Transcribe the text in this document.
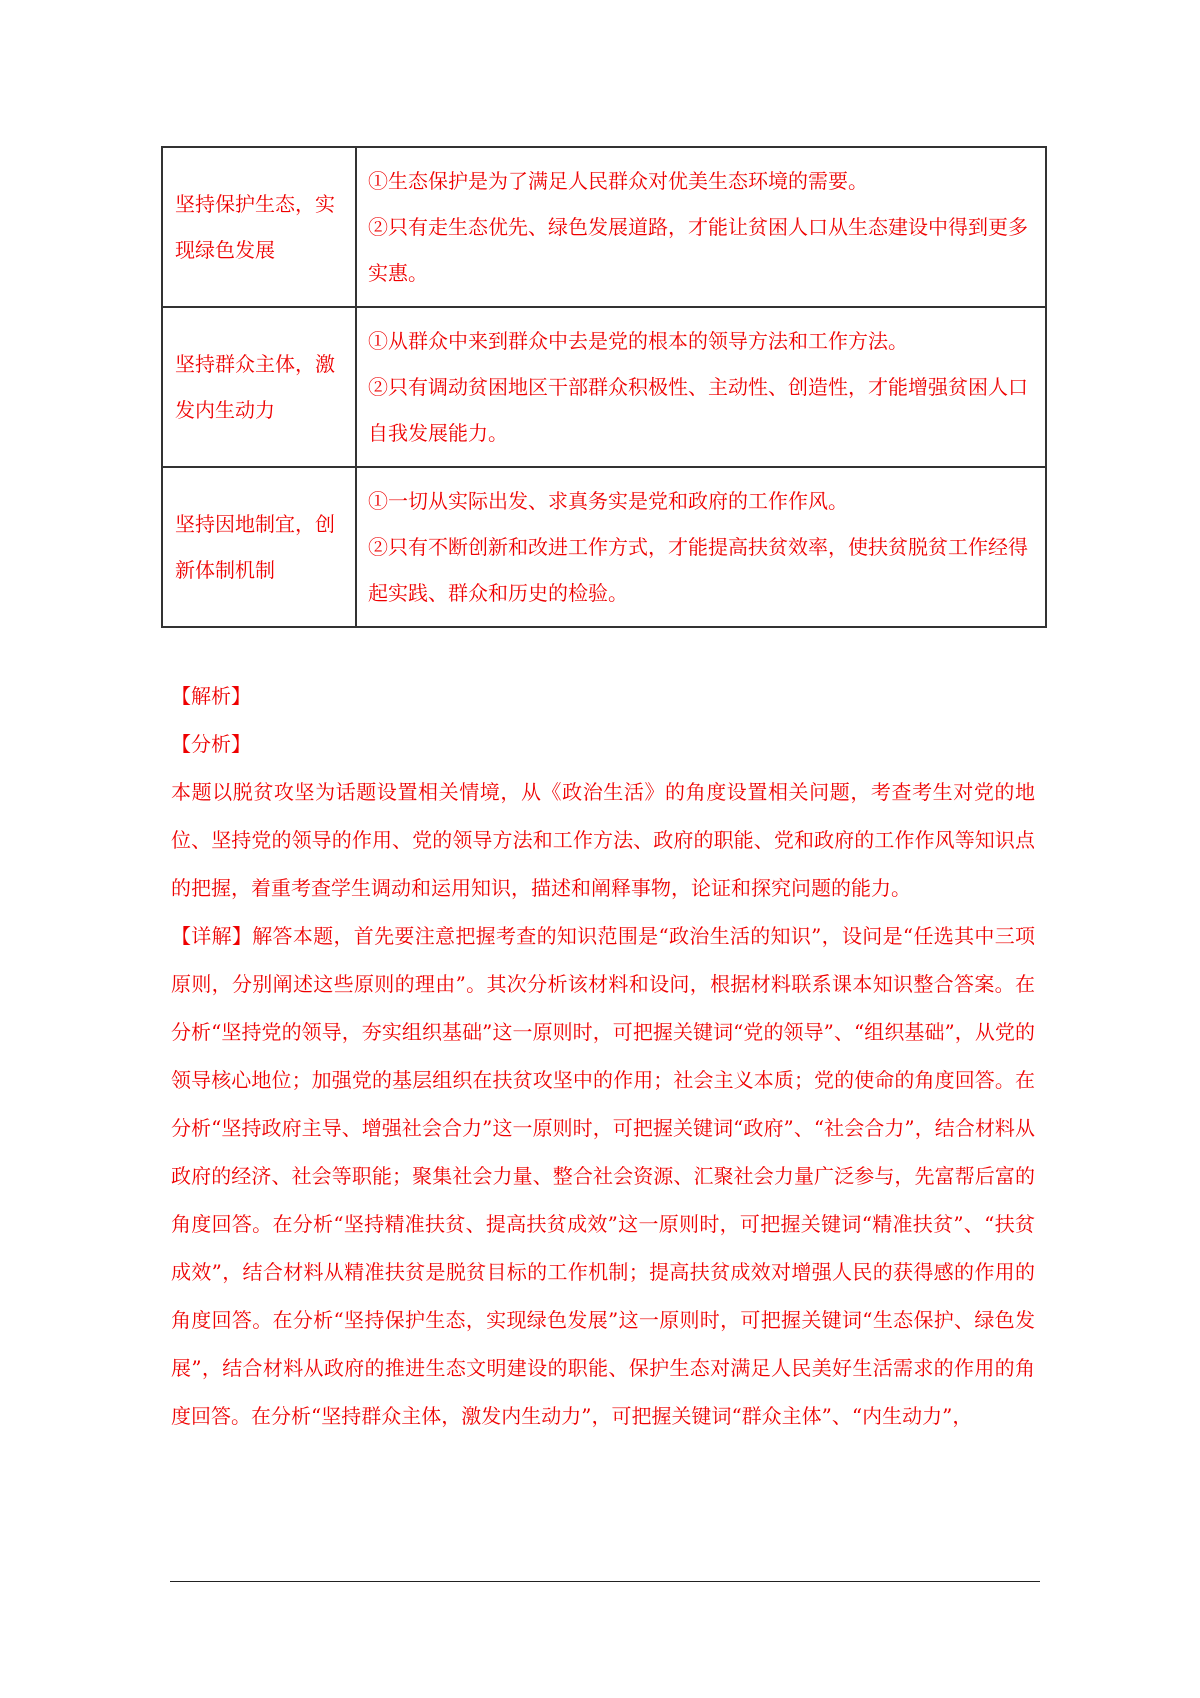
坚持保护生态，实现绿色发展	①生态保护是为了满足人民群众对优美生态环境的需要。

②只有走生态优先、绿色发展道路，才能让贫困人口从生态建设中得到更多实惠。

坚持群众主体，激发内生动力	①从群众中来到群众中去是党的根本的领导方法和工作方法。

②只有调动贫困地区干部群众积极性、主动性、创造性，才能增强贫困人口自我发展能力。

坚持因地制宜，创新体制机制	①一切从实际出发、求真务实是党和政府的工作作风。

②只有不断创新和改进工作方式，才能提高扶贫效率，使扶贫脱贫工作经得起实践、群众和历史的检验。

【解析】

【分析】

本题以脱贫攻坚为话题设置相关情境，从《政治生活》的角度设置相关问题，考查考生对党的地位、坚持党的领导的作用、党的领导方法和工作方法、政府的职能、党和政府的工作作风等知识点的把握，着重考查学生调动和运用知识，描述和阐释事物，论证和探究问题的能力。

【详解】解答本题，首先要注意把握考查的知识范围是“政治生活的知识”，设问是“任选其中三项原则，分别阐述这些原则的理由”。其次分析该材料和设问，根据材料联系课本知识整合答案。在分析“坚持党的领导，夯实组织基础”这一原则时，可把握关键词“党的领导”、“组织基础”，从党的领导核心地位；加强党的基层组织在扶贫攻坚中的作用；社会主义本质；党的使命的角度回答。在分析“坚持政府主导、增强社会合力”这一原则时，可把握关键词“政府”、“社会合力”，结合材料从政府的经济、社会等职能；聚集社会力量、整合社会资源、汇聚社会力量广泛参与，先富帮后富的角度回答。在分析“坚持精准扶贫、提高扶贫成效”这一原则时，可把握关键词“精准扶贫”、“扶贫成效”，结合材料从精准扶贫是脱贫目标的工作机制；提高扶贫成效对增强人民的获得感的作用的角度回答。在分析“坚持保护生态，实现绿色发展”这一原则时，可把握关键词“生态保护、绿色发展”，结合材料从政府的推进生态文明建设的职能、保护生态对满足人民美好生活需求的作用的角度回答。在分析“坚持群众主体，激发内生动力”，可把握关键词“群众主体”、“内生动力”，
